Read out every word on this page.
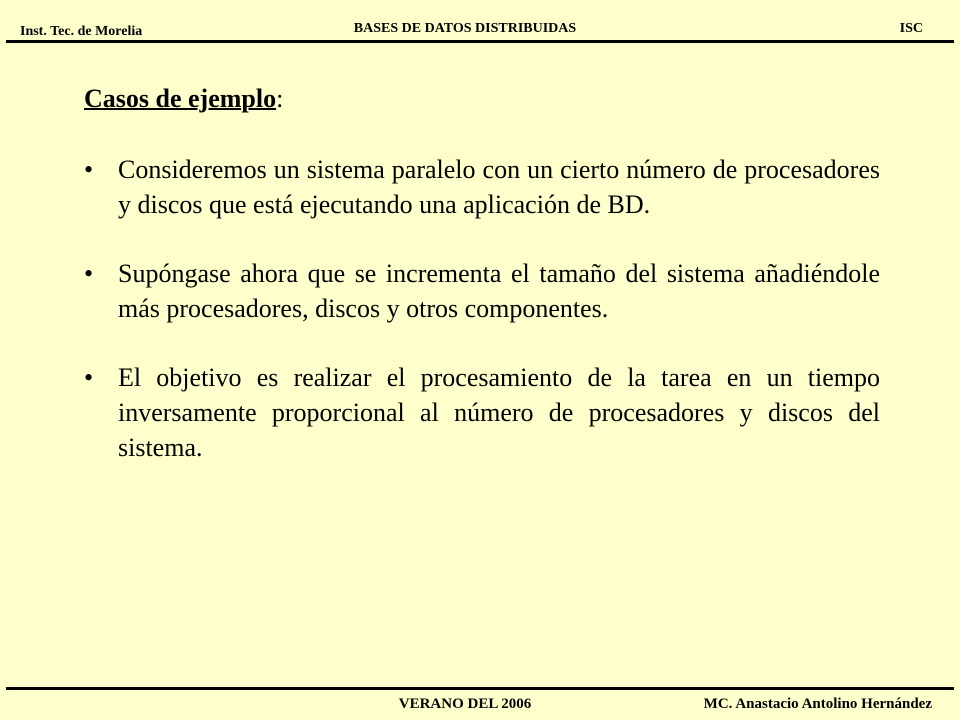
Inst. Tec. de Morelia	BASES DE DATOS DISTRIBUIDAS	ISC
Casos de ejemplo:
• Consideremos un sistema paralelo con un cierto número de procesadores y discos que está ejecutando una aplicación de BD.
• Supóngase ahora que se incrementa el tamaño del sistema añadiéndole más procesadores, discos y otros componentes.
• El objetivo es realizar el procesamiento de la tarea en un tiempo inversamente proporcional al número de procesadores y discos del sistema.
VERANO DEL 2006	MC. Anastacio Antolino Hernández
